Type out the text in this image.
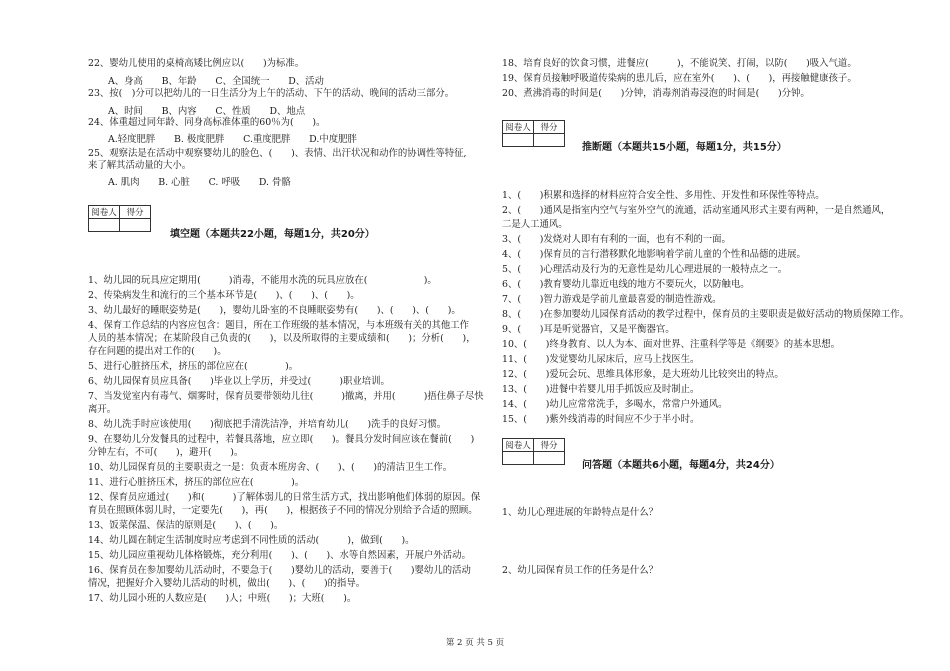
22、婴幼儿使用的桌椅高矮比例应以(　　)为标准。
A、身高　　B、年龄　　C、全国统一　　D、活动
23、按(　)分可以把幼儿的一日生活分为上午的活动、下午的活动、晚间的活动三部分。
A、时间　　B、内容　　C、性质　　D、地点
24、体重超过同年龄、同身高标准体重的60％为(　　)。
A.轻度肥胖　　B. 极度肥胖　　C.重度肥胖　　D.中度肥胖
25、观察法是在活动中观察婴幼儿的脸色、(　　)、表情、出汗状况和动作的协调性等特征,
来了解其活动量的大小。
A. 肌肉　　B. 心脏　　C. 呼吸　　D. 骨骼
阅卷人	得分

填空题（本题共22小题，每题1分，共20分）
1、幼儿园的玩具应定期用(　　　)消毒，不能用水洗的玩具应放在(　　　　　　)。
2、传染病发生和流行的三个基本环节是(　　)、(　　)、(　　)。
3、幼儿最好的睡眠姿势是(　　)，婴幼儿卧室的不良睡眠姿势有(　　)、(　　)、(　　)。
4、保育工作总结的内容应包含：题目，所在工作班级的基本情况，与本班级有关的其他工作
人员的基本情况；在某阶段自己负责的(　　)，以及所取得的主要成绩和(　　)；分析(　　)，
存在问题的提出对工作的(　　)。
5、进行心脏挤压术，挤压的部位应在(　　　　)。
6、幼儿园保育员应具备(　　)毕业以上学历，并受过(　　　)职业培训。
7、当发觉室内有毒气、烟雾时，保育员要带领幼儿往(　　　)撤离，并用(　　　)捂住鼻子尽快
离开。
8、幼儿洗手时应该使用(　　)彻底把手清洗洁净，并培育幼儿(　　)洗手的良好习惯。
9、在婴幼儿分发餐具的过程中，若餐具落地，应立即(　　)。餐具分发时间应该在餐前(　　)
分钟左右，不可(　　)，避开(　　)。
10、幼儿园保育员的主要职责之一是：负责本班房舍、(　　)、(　　)的清洁卫生工作。
11、进行心脏挤压术，挤压的部位应在(　　　　)。
12、保育员应通过(　　)和(　　　)了解体弱儿的日常生活方式，找出影响他们体弱的原因。保
育员在照顾体弱儿时，一定要先(　　)，再(　　)，根据孩子不同的情况分别给予合适的照顾。
13、饭菜保温、保洁的原则是(　　)、(　　)。
14、幼儿圆在制定生活制度时应考虑到不同性质的活动(　　　)，做到(　　)。
15、幼儿园应重视幼儿体格锻炼，充分利用(　　)、(　　)、水等自然因素，开展户外活动。
16、保育员在参加婴幼儿活动时，不要急于(　　)婴幼儿的活动，要善于(　　)婴幼儿的活动
情况，把握好介入婴幼儿活动的时机，做出(　　)、(　　)的指导。
17、幼儿园小班的人数应是(　　)人；中班(　　)；大班(　　)。
18、培育良好的饮食习惯，进餐应(　　　)，不能说笑、打闹，以防(　　)吸入气道。
19、保育员接触呼吸道传染病的患儿后，应在室外(　　)、(　　)，再接触健康孩子。
20、煮沸消毒的时间是(　　)分钟，消毒剂消毒浸泡的时间是(　　)分钟。
阅卷人	得分

推断题（本题共15小题，每题1分，共15分）
1、(　　)积累和选择的材料应符合安全性、多用性、开发性和环保性等特点。
2、(　　)通风是指室内空气与室外空气的流通，活动室通风形式主要有两种，一是自然通风，
二是人工通风。
3、(　　)发烧对人即有有利的一面，也有不利的一面。
4、(　　)保育员的言行潜移默化地影响着学前儿童的个性和品德的进展。
5、(　　)心理活动及行为的无意性是幼儿心理进展的一般特点之一。
6、(　　)教育婴幼儿靠近电线的地方不要玩火，以防触电。
7、(　　)智力游戏是学前儿童最喜爱的制造性游戏。
8、(　　)在参加婴幼儿园保育活动的教学过程中，保育员的主要职责是做好活动的物质保障工作。
9、(　　)耳是听觉器官，又是平衡器官。
10、(　　)终身教育、以人为本、面对世界、注重科学等是《纲要》的基本思想。
11、(　　)发觉婴幼儿尿床后，应马上找医生。
12、(　　)爱玩会玩、思维具体形象，是大班幼儿比较突出的特点。
13、(　　)进餐中若婴儿用手抓饭应及时制止。
14、(　　)幼儿应常常洗手，多喝水，常常户外通风。
15、(　　)紫外线消毒的时间应不少于半小时。
阅卷人	得分

问答题（本题共6小题，每题4分，共24分）
1、幼儿心理进展的年龄特点是什么？
2、幼儿园保育员工作的任务是什么？
第 2 页 共 5 页
